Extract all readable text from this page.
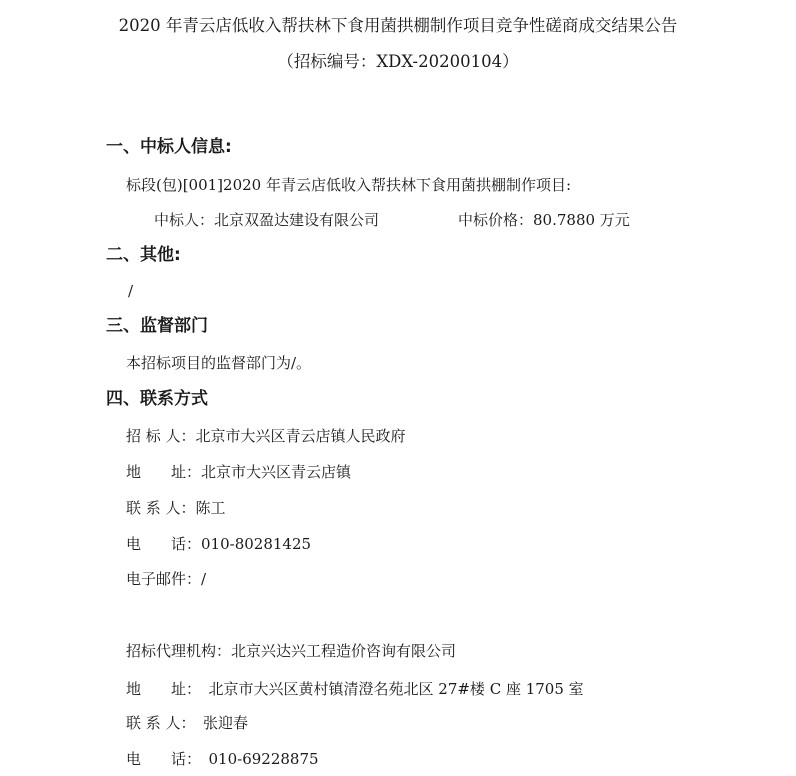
2020 年青云店低收入帮扶林下食用菌拱棚制作项目竞争性磋商成交结果公告
（招标编号：XDX-20200104）
一、中标人信息:
标段(包)[001]2020 年青云店低收入帮扶林下食用菌拱棚制作项目:
中标人：北京双盈达建设有限公司	中标价格：80.7880 万元
二、其他:
/
三、监督部门
本招标项目的监督部门为/。
四、联系方式
招 标 人：北京市大兴区青云店镇人民政府
地　　址：北京市大兴区青云店镇
联 系 人：陈工
电　　话：010-80281425
电子邮件：/
招标代理机构：北京兴达兴工程造价咨询有限公司
地　　址：　北京市大兴区黄村镇清澄名苑北区 27#楼 C 座 1705 室
联 系 人：　张迎春
电　　话：　010-69228875
